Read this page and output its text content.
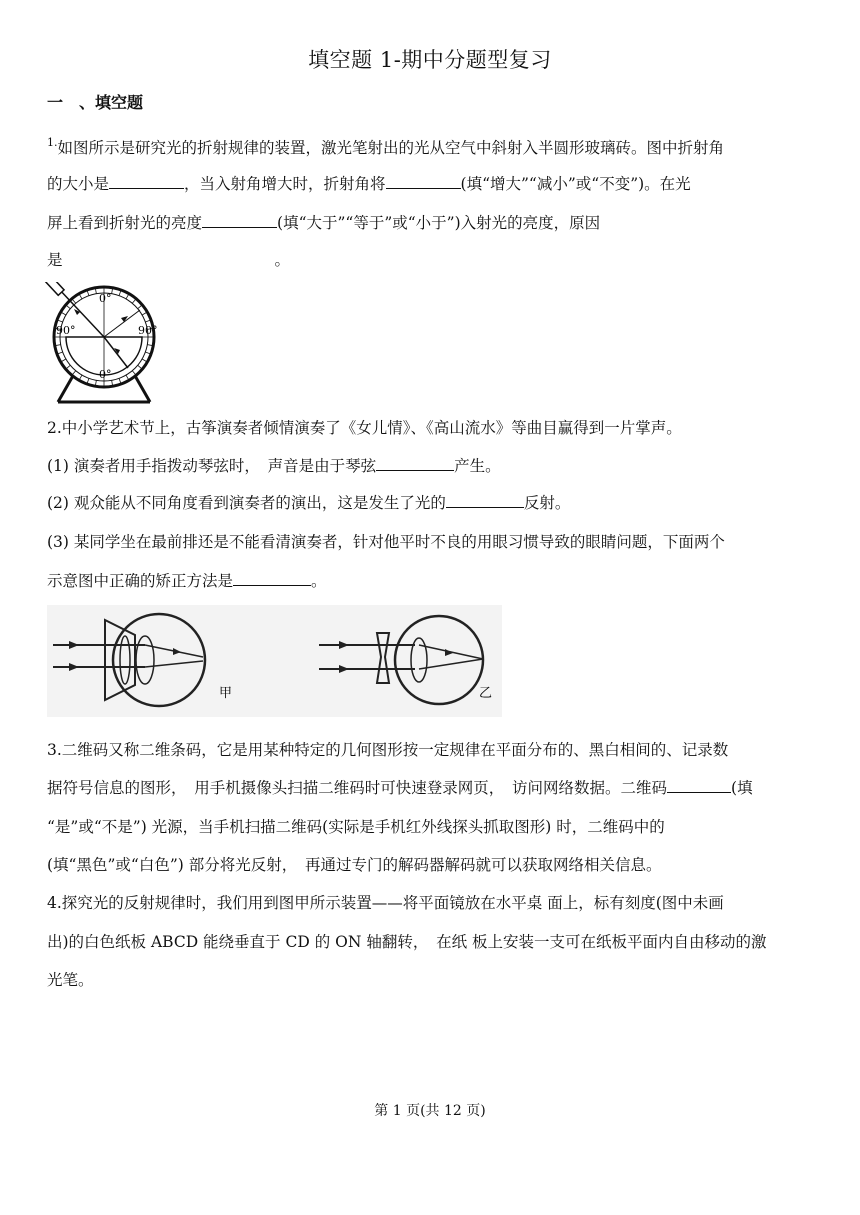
填空题 1-期中分题型复习
一　、填空题
$^{1.}$如图所示是研究光的折射规律的装置，激光笔射出的光从空气中斜射入半圆形玻璃砖。图中折射角
的大小是	，当入射角增大时，折射角将	(填“增大”“减小”或“不变”)。在光
屏上看到折射光的亮度	(填“大于”“等于”或“小于”)入射光的亮度，原因
是	。
0°
90°	90°
0°
2.中小学艺术节上，古筝演奏者倾情演奏了《女儿情》、《高山流水》等曲目赢得到一片掌声。
(1) 演奏者用手指拨动琴弦时，　声音是由于琴弦	产生。
(2) 观众能从不同角度看到演奏者的演出，这是发生了光的	反射。
(3) 某同学坐在最前排还是不能看清演奏者，针对他平时不良的用眼习惯导致的眼睛问题，下面两个
示意图中正确的矫正方法是	。
甲	乙
3.二维码又称二维条码，它是用某种特定的几何图形按一定规律在平面分布的、黑白相间的、记录数
据符号信息的图形，　用手机摄像头扫描二维码时可快速登录网页，　访问网络数据。二维码	(填
“是”或“不是”) 光源，当手机扫描二维码(实际是手机红外线探头抓取图形) 时，二维码中的
(填“黑色”或“白色”) 部分将光反射，　再通过专门的解码器解码就可以获取网络相关信息。
4.探究光的反射规律时，我们用到图甲所示装置——将平面镜放在水平桌 面上，标有刻度(图中未画
出)的白色纸板 ABCD 能绕垂直于 CD 的 ON 轴翻转，　在纸 板上安装一支可在纸板平面内自由移动的激
光笔。
第 1 页(共 12 页)
